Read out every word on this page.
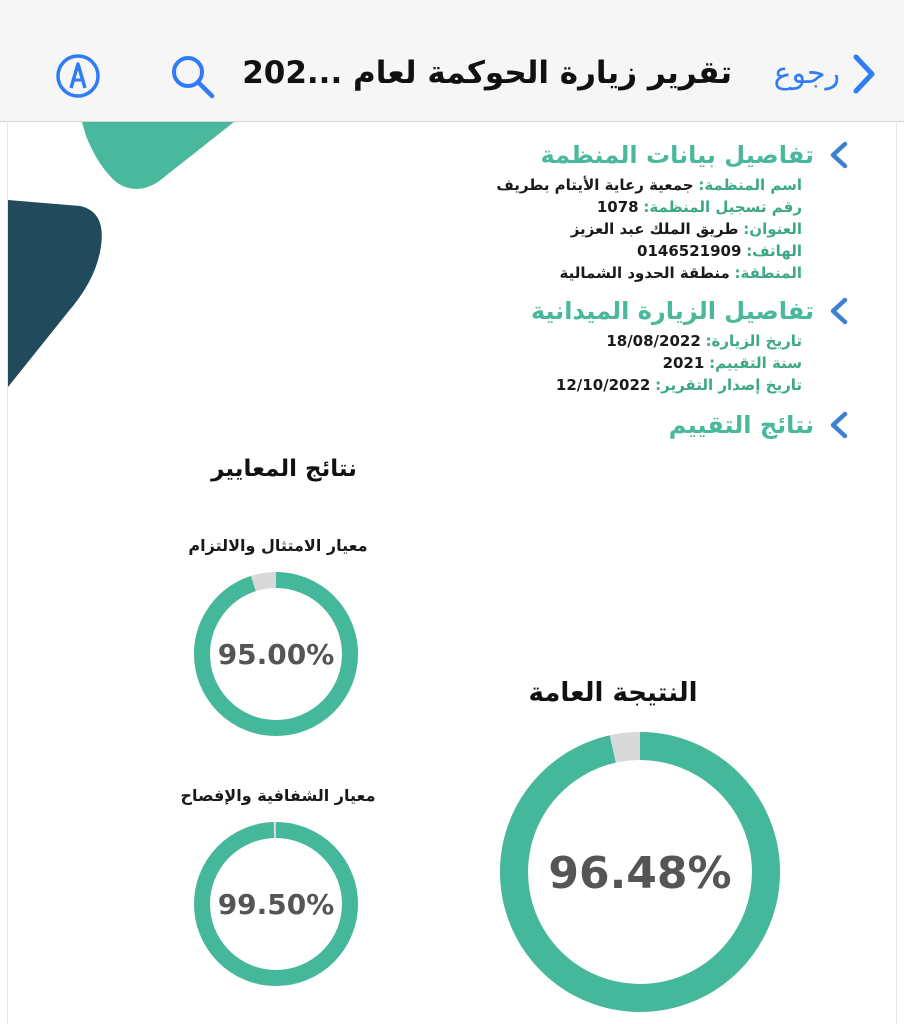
رجوع
تقرير زيارة الحوكمة لعام ...202
تفاصيل بيانات المنظمة
اسم المنظمة: جمعية رعاية الأيتام بطريف
رقم تسجيل المنظمة: 1078
العنوان: طريق الملك عبد العزيز
الهاتف: 0146521909
المنطقة: منطقة الحدود الشمالية
تفاصيل الزيارة الميدانية
تاريخ الزيارة: 18/08/2022
سنة التقييم: 2021
تاريخ إصدار التقرير: 12/10/2022
نتائج التقييم
نتائج المعايير
معيار الامتثال والالتزام
95.00%
معيار الشفافية والإفصاح
99.50%
النتيجة العامة
96.48%
